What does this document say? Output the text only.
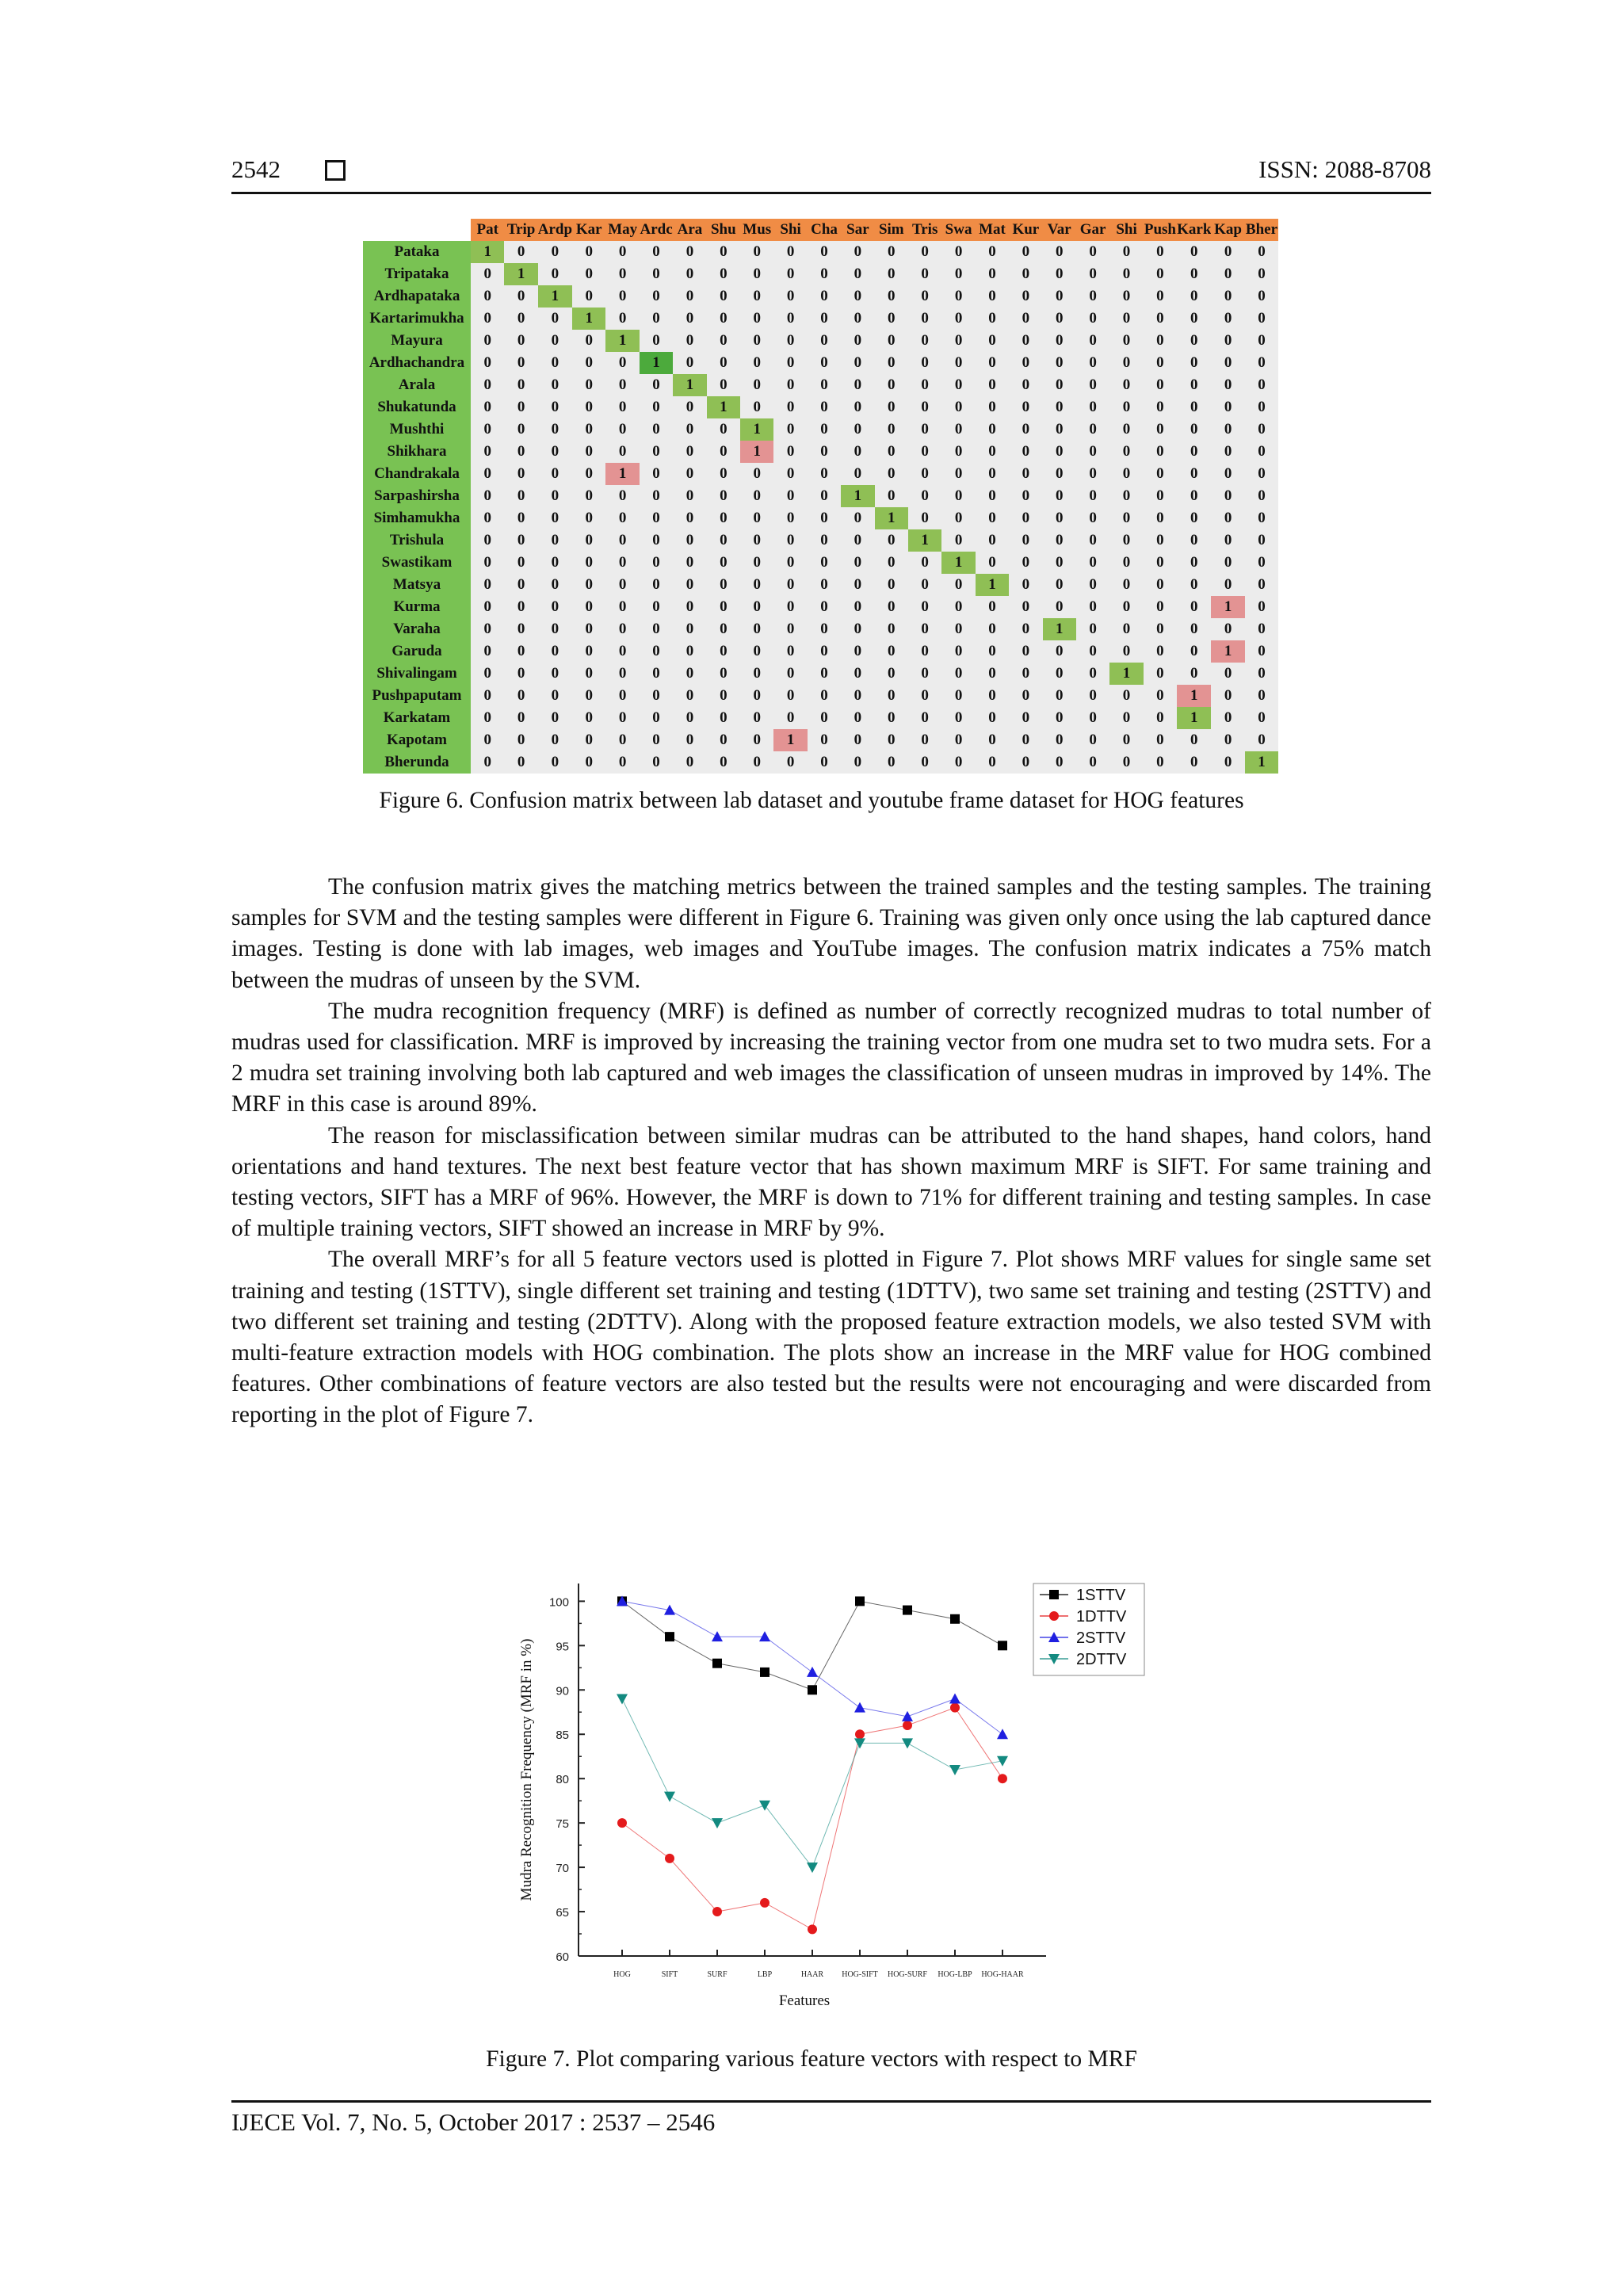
2542	ISSN: 2088-8708
	Pat	Trip	Ardp	Kar	May	Ardc	Ara	Shu	Mus	Shi	Cha	Sar	Sim	Tris	Swa	Mat	Kur	Var	Gar	Shi	Push	Kark	Kap	Bher
Pataka	1	0	0	0	0	0	0	0	0	0	0	0	0	0	0	0	0	0	0	0	0	0	0	0
Tripataka	0	1	0	0	0	0	0	0	0	0	0	0	0	0	0	0	0	0	0	0	0	0	0	0
Ardhapataka	0	0	1	0	0	0	0	0	0	0	0	0	0	0	0	0	0	0	0	0	0	0	0	0
Kartarimukha	0	0	0	1	0	0	0	0	0	0	0	0	0	0	0	0	0	0	0	0	0	0	0	0
Mayura	0	0	0	0	1	0	0	0	0	0	0	0	0	0	0	0	0	0	0	0	0	0	0	0
Ardhachandra	0	0	0	0	0	1	0	0	0	0	0	0	0	0	0	0	0	0	0	0	0	0	0	0
Arala	0	0	0	0	0	0	1	0	0	0	0	0	0	0	0	0	0	0	0	0	0	0	0	0
Shukatunda	0	0	0	0	0	0	0	1	0	0	0	0	0	0	0	0	0	0	0	0	0	0	0	0
Mushthi	0	0	0	0	0	0	0	0	1	0	0	0	0	0	0	0	0	0	0	0	0	0	0	0
Shikhara	0	0	0	0	0	0	0	0	1	0	0	0	0	0	0	0	0	0	0	0	0	0	0	0
Chandrakala	0	0	0	0	1	0	0	0	0	0	0	0	0	0	0	0	0	0	0	0	0	0	0	0
Sarpashirsha	0	0	0	0	0	0	0	0	0	0	0	1	0	0	0	0	0	0	0	0	0	0	0	0
Simhamukha	0	0	0	0	0	0	0	0	0	0	0	0	1	0	0	0	0	0	0	0	0	0	0	0
Trishula	0	0	0	0	0	0	0	0	0	0	0	0	0	1	0	0	0	0	0	0	0	0	0	0
Swastikam	0	0	0	0	0	0	0	0	0	0	0	0	0	0	1	0	0	0	0	0	0	0	0	0
Matsya	0	0	0	0	0	0	0	0	0	0	0	0	0	0	0	1	0	0	0	0	0	0	0	0
Kurma	0	0	0	0	0	0	0	0	0	0	0	0	0	0	0	0	0	0	0	0	0	0	1	0
Varaha	0	0	0	0	0	0	0	0	0	0	0	0	0	0	0	0	0	1	0	0	0	0	0	0
Garuda	0	0	0	0	0	0	0	0	0	0	0	0	0	0	0	0	0	0	0	0	0	0	1	0
Shivalingam	0	0	0	0	0	0	0	0	0	0	0	0	0	0	0	0	0	0	0	1	0	0	0	0
Pushpaputam	0	0	0	0	0	0	0	0	0	0	0	0	0	0	0	0	0	0	0	0	0	1	0	0
Karkatam	0	0	0	0	0	0	0	0	0	0	0	0	0	0	0	0	0	0	0	0	0	1	0	0
Kapotam	0	0	0	0	0	0	0	0	0	1	0	0	0	0	0	0	0	0	0	0	0	0	0	0
Bherunda	0	0	0	0	0	0	0	0	0	0	0	0	0	0	0	0	0	0	0	0	0	0	0	1
Figure 6. Confusion matrix between lab dataset and youtube frame dataset for HOG features

The confusion matrix gives the matching metrics between the trained samples and the testing samples. The training samples for SVM and the testing samples were different in Figure 6. Training was given only once using the lab captured dance images. Testing is done with lab images, web images and YouTube images. The confusion matrix indicates a 75% match between the mudras of unseen by the SVM.

The mudra recognition frequency (MRF) is defined as number of correctly recognized mudras to total number of mudras used for classification. MRF is improved by increasing the training vector from one mudra set to two mudra sets. For a 2 mudra set training involving both lab captured and web images the classification of unseen mudras in improved by 14%. The MRF in this case is around 89%.

The reason for misclassification between similar mudras can be attributed to the hand shapes, hand colors, hand orientations and hand textures. The next best feature vector that has shown maximum MRF is SIFT. For same training and testing vectors, SIFT has a MRF of 96%. However, the MRF is down to 71% for different training and testing samples. In case of multiple training vectors, SIFT showed an increase in MRF by 9%.

The overall MRF’s for all 5 feature vectors used is plotted in Figure 7. Plot shows MRF values for single same set training and testing (1STTV), single different set training and testing (1DTTV), two same set training and testing (2STTV) and two different set training and testing (2DTTV). Along with the proposed feature extraction models, we also tested SVM with multi-feature extraction models with HOG combination. The plots show an increase in the MRF value for HOG combined features. Other combinations of feature vectors are also tested but the results were not encouraging and were discarded from reporting in the plot of Figure 7.

60
65
70
75
80
85
90
95
100
HOG	SIFT	SURF	LBP	HAAR HOG-SIFT HOG-SURF HOG-LBP HOG-HAAR
Features
Mudra Recognition Frequency (MRF in %)
1STTV
1DTTV
2STTV
2DTTV
Figure 7. Plot comparing various feature vectors with respect to MRF
IJECE Vol. 7, No. 5, October 2017 : 2537 – 2546
